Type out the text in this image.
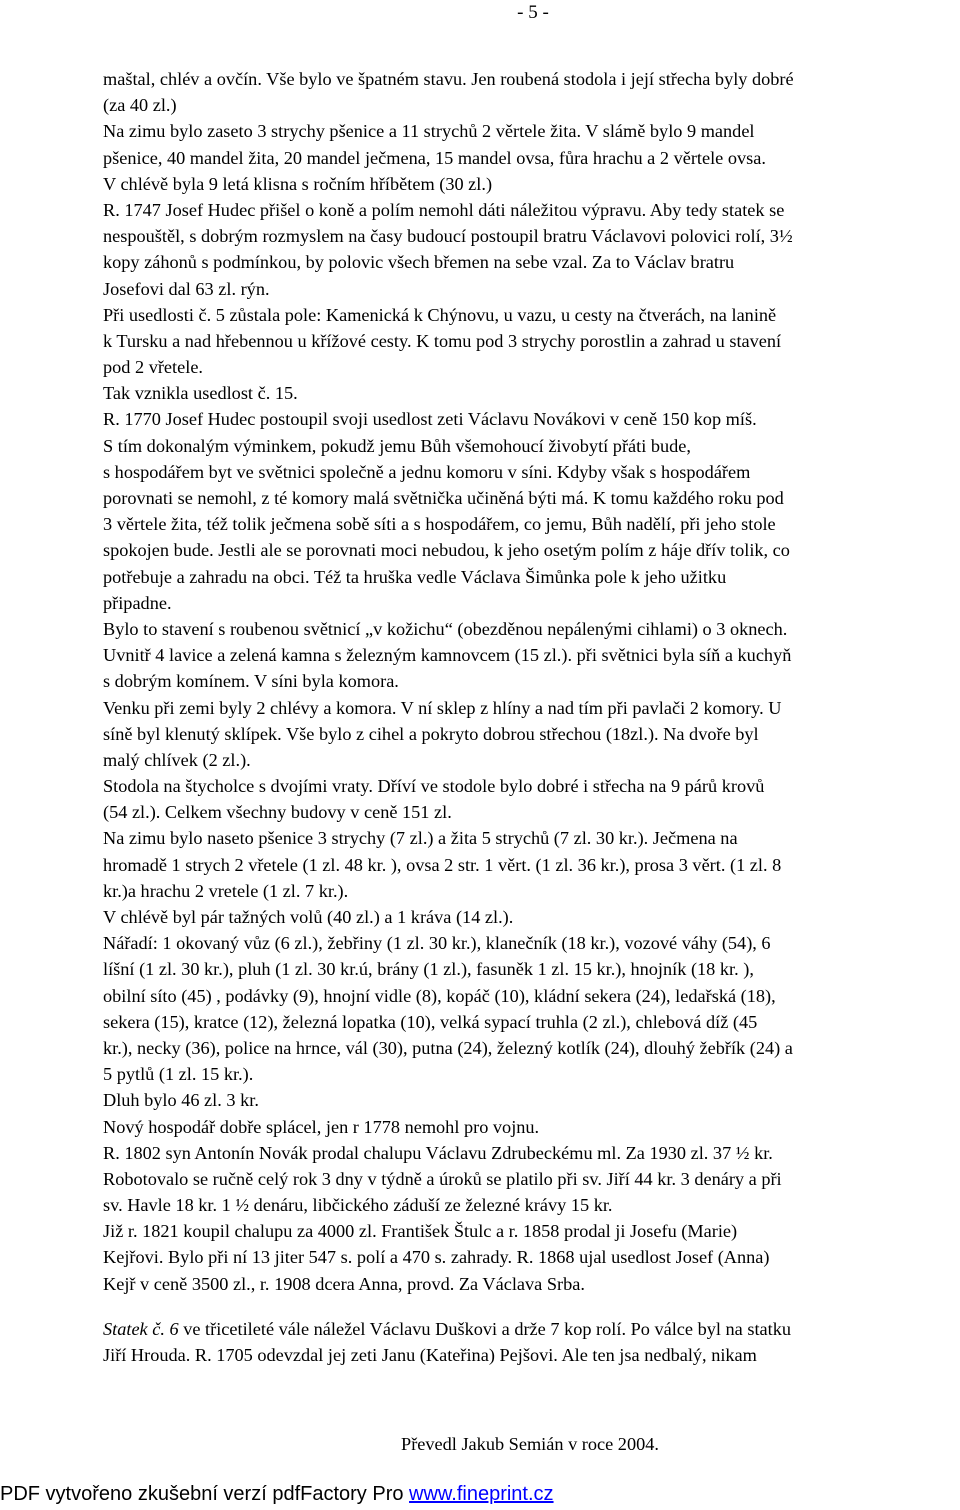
- 5 -
maštal, chlév a ovčín. Vše bylo ve špatném stavu. Jen roubená stodola i její střecha byly dobré
(za 40 zl.)
Na zimu bylo zaseto 3 strychy pšenice a 11 strychů 2 věrtele žita. V slámě bylo 9 mandel
pšenice, 40 mandel žita, 20 mandel ječmena, 15 mandel ovsa, fůra hrachu a 2 věrtele ovsa.
V chlévě byla 9 letá klisna s ročním hříbětem (30 zl.)
R. 1747 Josef Hudec přišel o koně a polím nemohl dáti náležitou výpravu. Aby tedy statek se
nespouštěl, s dobrým rozmyslem na časy budoucí postoupil bratru Václavovi polovici rolí, 3½
kopy záhonů s podmínkou, by polovic všech břemen na sebe vzal. Za to Václav bratru
Josefovi dal 63 zl. rýn.
Při usedlosti č. 5 zůstala pole: Kamenická k Chýnovu, u vazu, u cesty na čtverách, na lanině
k Tursku a nad hřebennou u křížové cesty. K tomu pod 3 strychy porostlin a zahrad u stavení
pod 2 vřetele.
Tak vznikla usedlost č. 15.
R. 1770 Josef Hudec postoupil svoji usedlost zeti Václavu Novákovi v ceně 150 kop míš.
S tím dokonalým výminkem, pokudž jemu Bůh všemohoucí živobytí přáti bude,
s hospodářem byt ve světnici společně a jednu komoru v síni. Kdyby však s hospodářem
porovnati se nemohl, z té komory malá světnička učiněná býti má. K tomu každého roku pod
3 věrtele žita, též tolik ječmena sobě síti a s hospodářem, co jemu, Bůh nadělí, při jeho stole
spokojen bude. Jestli ale se porovnati moci nebudou, k jeho osetým polím z háje dřív tolik, co
potřebuje a zahradu na obci. Též ta hruška vedle Václava Šimůnka pole k jeho užitku
připadne.
Bylo to stavení s roubenou světnicí „v kožichu“ (obezděnou nepálenými cihlami) o 3 oknech.
Uvnitř 4 lavice a zelená kamna s železným kamnovcem (15 zl.). při světnici byla síň a kuchyň
s dobrým komínem. V síni byla komora.
Venku při zemi byly 2 chlévy a komora. V ní sklep z hlíny a nad tím při pavlači 2 komory. U
síně byl klenutý sklípek. Vše bylo z cihel a pokryto dobrou střechou (18zl.). Na dvoře byl
malý chlívek (2 zl.).
Stodola na štycholce s dvojími vraty. Dříví ve stodole bylo dobré i střecha na 9 párů krovů
(54 zl.). Celkem všechny budovy v ceně 151 zl.
Na zimu bylo naseto pšenice 3 strychy (7 zl.) a žita 5 strychů (7 zl. 30 kr.). Ječmena na
hromadě 1 strych 2 vřetele (1 zl. 48 kr. ), ovsa 2 str. 1 věrt. (1 zl. 36 kr.), prosa 3 věrt. (1 zl. 8
kr.)a hrachu 2 vretele (1 zl. 7 kr.).
V chlévě byl pár tažných volů (40 zl.) a 1 kráva (14 zl.).
Nářadí: 1 okovaný vůz (6 zl.), žebřiny (1 zl. 30 kr.), klanečník (18 kr.), vozové váhy (54), 6
líšní (1 zl. 30 kr.), pluh (1 zl. 30 kr.ú, brány (1 zl.), fasuněk 1 zl. 15 kr.), hnojník (18 kr. ),
obilní síto (45) , podávky (9), hnojní vidle (8), kopáč (10), kládní sekera (24), ledařská (18),
sekera (15), kratce (12), železná lopatka (10), velká sypací truhla (2 zl.), chlebová díž (45
kr.), necky (36), police na hrnce, vál (30), putna (24), železný kotlík (24), dlouhý žebřík (24) a
5 pytlů (1 zl. 15 kr.).
Dluh bylo 46 zl. 3 kr.
Nový hospodář dobře splácel, jen r 1778 nemohl pro vojnu.
R. 1802 syn Antonín Novák prodal chalupu Václavu Zdrubeckému ml. Za 1930 zl. 37 ½ kr.
Robotovalo se ručně celý rok 3 dny v týdně a úroků se platilo při sv. Jiří 44 kr. 3 denáry a při
sv. Havle 18 kr. 1 ½ denáru, libčického záduší ze železné krávy 15 kr.
Již r. 1821 koupil chalupu za 4000 zl. František Štulc a r. 1858 prodal ji Josefu (Marie)
Kejřovi. Bylo při ní 13 jiter 547 s. polí a 470 s. zahrady. R. 1868 ujal usedlost Josef (Anna)
Kejř v ceně 3500 zl., r. 1908 dcera Anna, provd. Za Václava Srba.
Statek č. 6 ve třicetileté válе náležel Václavu Duškovi a drže 7 kop rolí. Po válce byl na statku
Jiří Hrouda. R. 1705 odevzdal jej zeti Janu (Kateřina) Pejšovi. Ale ten jsa nedbalý, nikam
Převedl Jakub Semián v roce 2004.
PDF vytvořeno zkušební verzí pdfFactory Pro www.fineprint.cz
